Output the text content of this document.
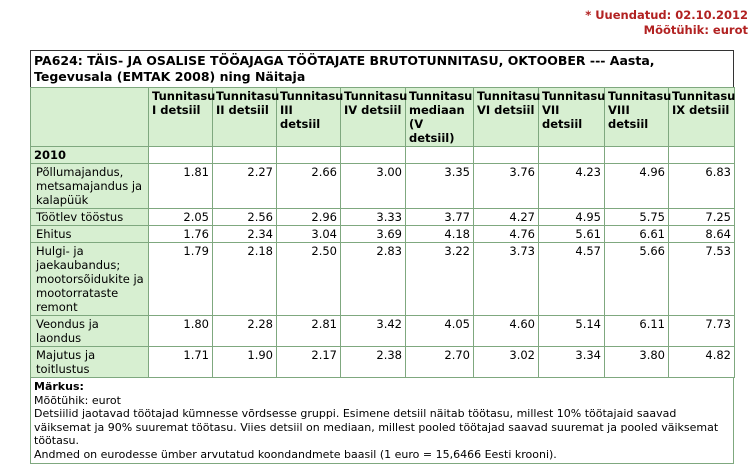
* Uuendatud: 02.10.2012
Mõõtühik: eurot
PA624: TÄIS- JA OSALISE TÖÖAJAGA TÖÖTAJATE BRUTOTUNNITASU, OKTOOBER --- Aasta, Tegevusala (EMTAK 2008) ning Näitaja
	Tunnitasu I detsiil	Tunnitasu II detsiil	Tunnitasu III detsiil	Tunnitasu IV detsiil	Tunnitasu mediaan (V detsiil)	Tunnitasu VI detsiil	Tunnitasu VII detsiil	Tunnitasu VIII detsiil	Tunnitasu IX detsiil
2010									
Põllumajandus, metsamajandus ja kalapüük	1.81	2.27	2.66	3.00	3.35	3.76	4.23	4.96	6.83
Töötlev tööstus	2.05	2.56	2.96	3.33	3.77	4.27	4.95	5.75	7.25
Ehitus	1.76	2.34	3.04	3.69	4.18	4.76	5.61	6.61	8.64
Hulgi- ja jaekaubandus; mootorsõidukite ja mootorrataste remont	1.79	2.18	2.50	2.83	3.22	3.73	4.57	5.66	7.53
Veondus ja laondus	1.80	2.28	2.81	3.42	4.05	4.60	5.14	6.11	7.73
Majutus ja toitlustus	1.71	1.90	2.17	2.38	2.70	3.02	3.34	3.80	4.82
Märkus:
Mõõtühik: eurot
Detsiilid jaotavad töötajad kümnesse võrdsesse gruppi. Esimene detsiil näitab töötasu, millest 10% töötajaid saavad väiksemat ja 90% suuremat töötasu. Viies detsiil on mediaan, millest pooled töötajad saavad suuremat ja pooled väiksemat töötasu.
Andmed on eurodesse ümber arvutatud koondandmete baasil (1 euro = 15,6466 Eesti krooni).
